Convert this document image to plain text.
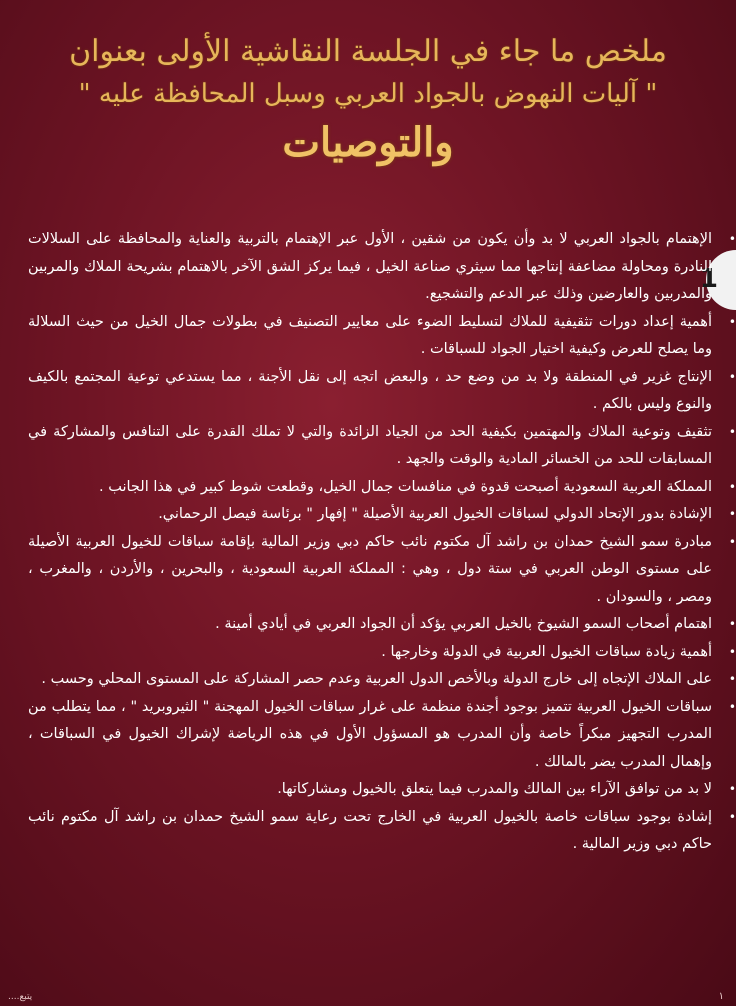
ملخص ما جاء في الجلسة النقاشية الأولى بعنوان
" آليات النهوض بالجواد العربي وسبل المحافظة عليه "
والتوصيات
1
•
الإهتمام بالجواد العربي لا بد وأن يكون من شقين ، الأول عبر الإهتمام بالتربية والعناية والمحافظة على السلالات النادرة ومحاولة مضاعفة إنتاجها مما سيثري صناعة الخيل ، فيما يركز الشق الآخر بالاهتمام بشريحة الملاك والمربين والمدربين والعارضين وذلك عبر الدعم والتشجيع.
•
أهمية إعداد دورات تثقيفية للملاك لتسليط الضوء على معايير التصنيف في بطولات جمال الخيل من حيث السلالة وما يصلح للعرض وكيفية اختيار الجواد للسباقات .
•
الإنتاج غزير في المنطقة ولا بد من وضع حد ، والبعض اتجه إلى نقل الأجنة ، مما يستدعي توعية المجتمع بالكيف والنوع وليس بالكم .
•
تثقيف وتوعية الملاك والمهتمين بكيفية الحد من الجياد الزائدة والتي لا تملك القدرة على التنافس والمشاركة في المسابقات للحد من الخسائر المادية والوقت والجهد .
•
المملكة العربية السعودية أصبحت قدوة في منافسات جمال الخيل، وقطعت شوط كبير في هذا الجانب .
•
الإشادة بدور الإتحاد الدولي لسباقات الخيول العربية الأصيلة " إفهار " برئاسة فيصل الرحماني.
•
مبادرة سمو الشيخ حمدان بن راشد آل مكتوم نائب حاكم دبي وزير المالية بإقامة سباقات للخيول العربية الأصيلة على مستوى الوطن العربي في ستة دول ، وهي : المملكة العربية السعودية ، والبحرين ، والأردن ، والمغرب ، ومصر ، والسودان .
•
اهتمام أصحاب السمو الشيوخ بالخيل العربي يؤكد أن الجواد العربي في أيادي أمينة .
•
أهمية زيادة سباقات الخيول العربية في الدولة وخارجها .
•
على الملاك الإتجاه إلى خارج الدولة وبالأخص الدول العربية وعدم حصر المشاركة على المستوى المحلي وحسب .
•
سباقات الخيول العربية تتميز بوجود أجندة منظمة على غرار سباقات الخيول المهجنة " الثيروبريد " ، مما يتطلب من المدرب التجهيز مبكراً خاصة وأن المدرب هو المسؤول الأول في هذه الرياضة لإشراك الخيول في السباقات ، وإهمال المدرب يضر بالمالك .
•
لا بد من توافق الآراء بين المالك والمدرب فيما يتعلق بالخيول ومشاركاتها.
•
إشادة بوجود سباقات خاصة بالخيول العربية في الخارج تحت رعاية سمو الشيخ حمدان بن راشد آل مكتوم نائب حاكم دبي وزير المالية .
يتبع....	١
